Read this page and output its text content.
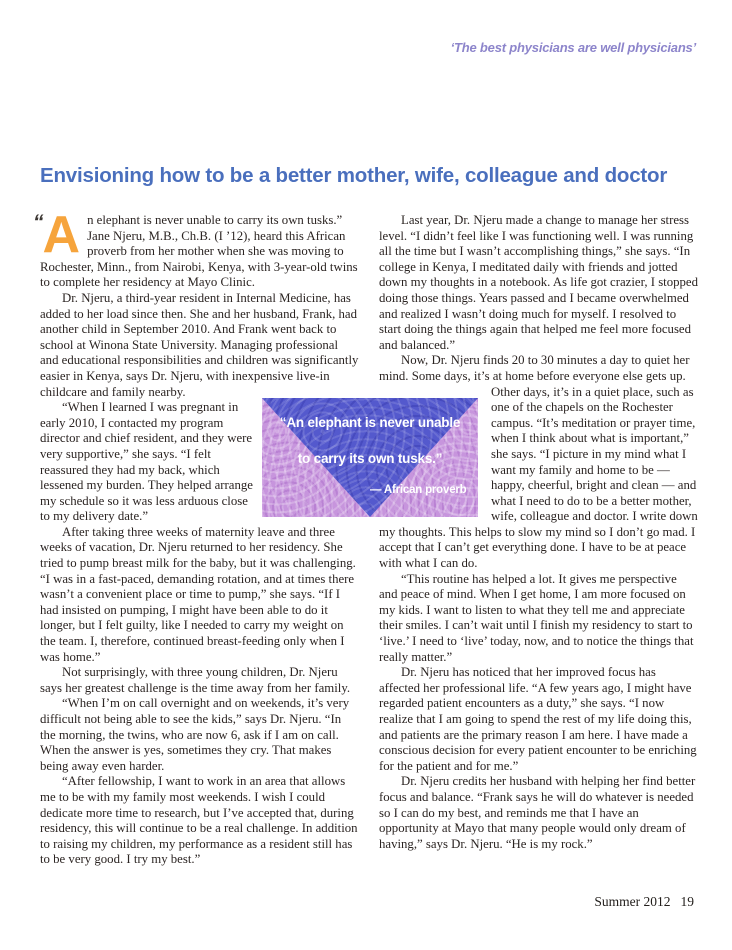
‘The best physicians are well physicians’
Envisioning how to be a better mother, wife, colleague and doctor

“ A n elephant is never unable to carry its own tusks.” Jane Njeru, M.B., Ch.B. (I ’12), heard this African proverb from her mother when she was moving to Rochester, Minn., from Nairobi, Kenya, with 3-year-old twins to complete her residency at Mayo Clinic.

Dr. Njeru, a third-year resident in Internal Medicine, has added to her load since then. She and her husband, Frank, had another child in September 2010. And Frank went back to school at Winona State University. Managing professional and educational responsibilities and children was significantly easier in Kenya, says Dr. Njeru, with inexpensive live-in childcare and family nearby.

“When I learned I was pregnant in early 2010, I contacted my program director and chief resident, and they were very supportive,” she says. “I felt reassured they had my back, which lessened my burden. They helped arrange my schedule so it was less arduous close to my delivery date.”

After taking three weeks of maternity leave and three weeks of vacation, Dr. Njeru returned to her residency. She tried to pump breast milk for the baby, but it was challenging. “I was in a fast-paced, demanding rotation, and at times there wasn’t a convenient place or time to pump,” she says. “If I had insisted on pumping, I might have been able to do it longer, but I felt guilty, like I needed to carry my weight on the team. I, therefore, continued breast-feeding only when I was home.”

Not surprisingly, with three young children, Dr. Njeru says her greatest challenge is the time away from her family.

“When I’m on call overnight and on weekends, it’s very difficult not being able to see the kids,” says Dr. Njeru. “In the morning, the twins, who are now 6, ask if I am on call. When the answer is yes, sometimes they cry. That makes being away even harder.

“After fellowship, I want to work in an area that allows me to be with my family most weekends. I wish I could dedicate more time to research, but I’ve accepted that, during residency, this will continue to be a real challenge. In addition to raising my children, my performance as a resident still has to be very good. I try my best.”

Last year, Dr. Njeru made a change to manage her stress level. “I didn’t feel like I was functioning well. I was running all the time but I wasn’t accomplishing things,” she says. “In college in Kenya, I meditated daily with friends and jotted down my thoughts in a notebook. As life got crazier, I stopped doing those things. Years passed and I became overwhelmed and realized I wasn’t doing much for myself. I resolved to start doing the things again that helped me feel more focused and balanced.”

Now, Dr. Njeru finds 20 to 30 minutes a day to quiet her mind. Some days, it’s at home before everyone else gets up.

Other days, it’s in a quiet place, such as one of the chapels on the Rochester campus. “It’s meditation or prayer time, when I think about what is important,” she says. “I picture in my mind what I want my family and home to be — happy, cheerful, bright and clean — and what I need to do to be a better mother, wife, colleague and doctor. I write down my thoughts. This helps to slow my mind so I don’t go mad. I accept that I can’t get everything done. I have to be at peace with what I can do.

“This routine has helped a lot. It gives me perspective and peace of mind. When I get home, I am more focused on my kids. I want to listen to what they tell me and appreciate their smiles. I can’t wait until I finish my residency to start to ‘live.’ I need to ‘live’ today, now, and to notice the things that really matter.”

Dr. Njeru has noticed that her improved focus has affected her professional life. “A few years ago, I might have regarded patient encounters as a duty,” she says. “I now realize that I am going to spend the rest of my life doing this, and patients are the primary reason I am here. I have made a conscious decision for every patient encounter to be enriching for the patient and for me.”

Dr. Njeru credits her husband with helping her find better focus and balance. “Frank says he will do whatever is needed so I can do my best, and reminds me that I have an opportunity at Mayo that many people would only dream of having,” says Dr. Njeru. “He is my rock.”

“An elephant is never unable
to carry its own tusks.”
— African proverb
Summer 2012 19
